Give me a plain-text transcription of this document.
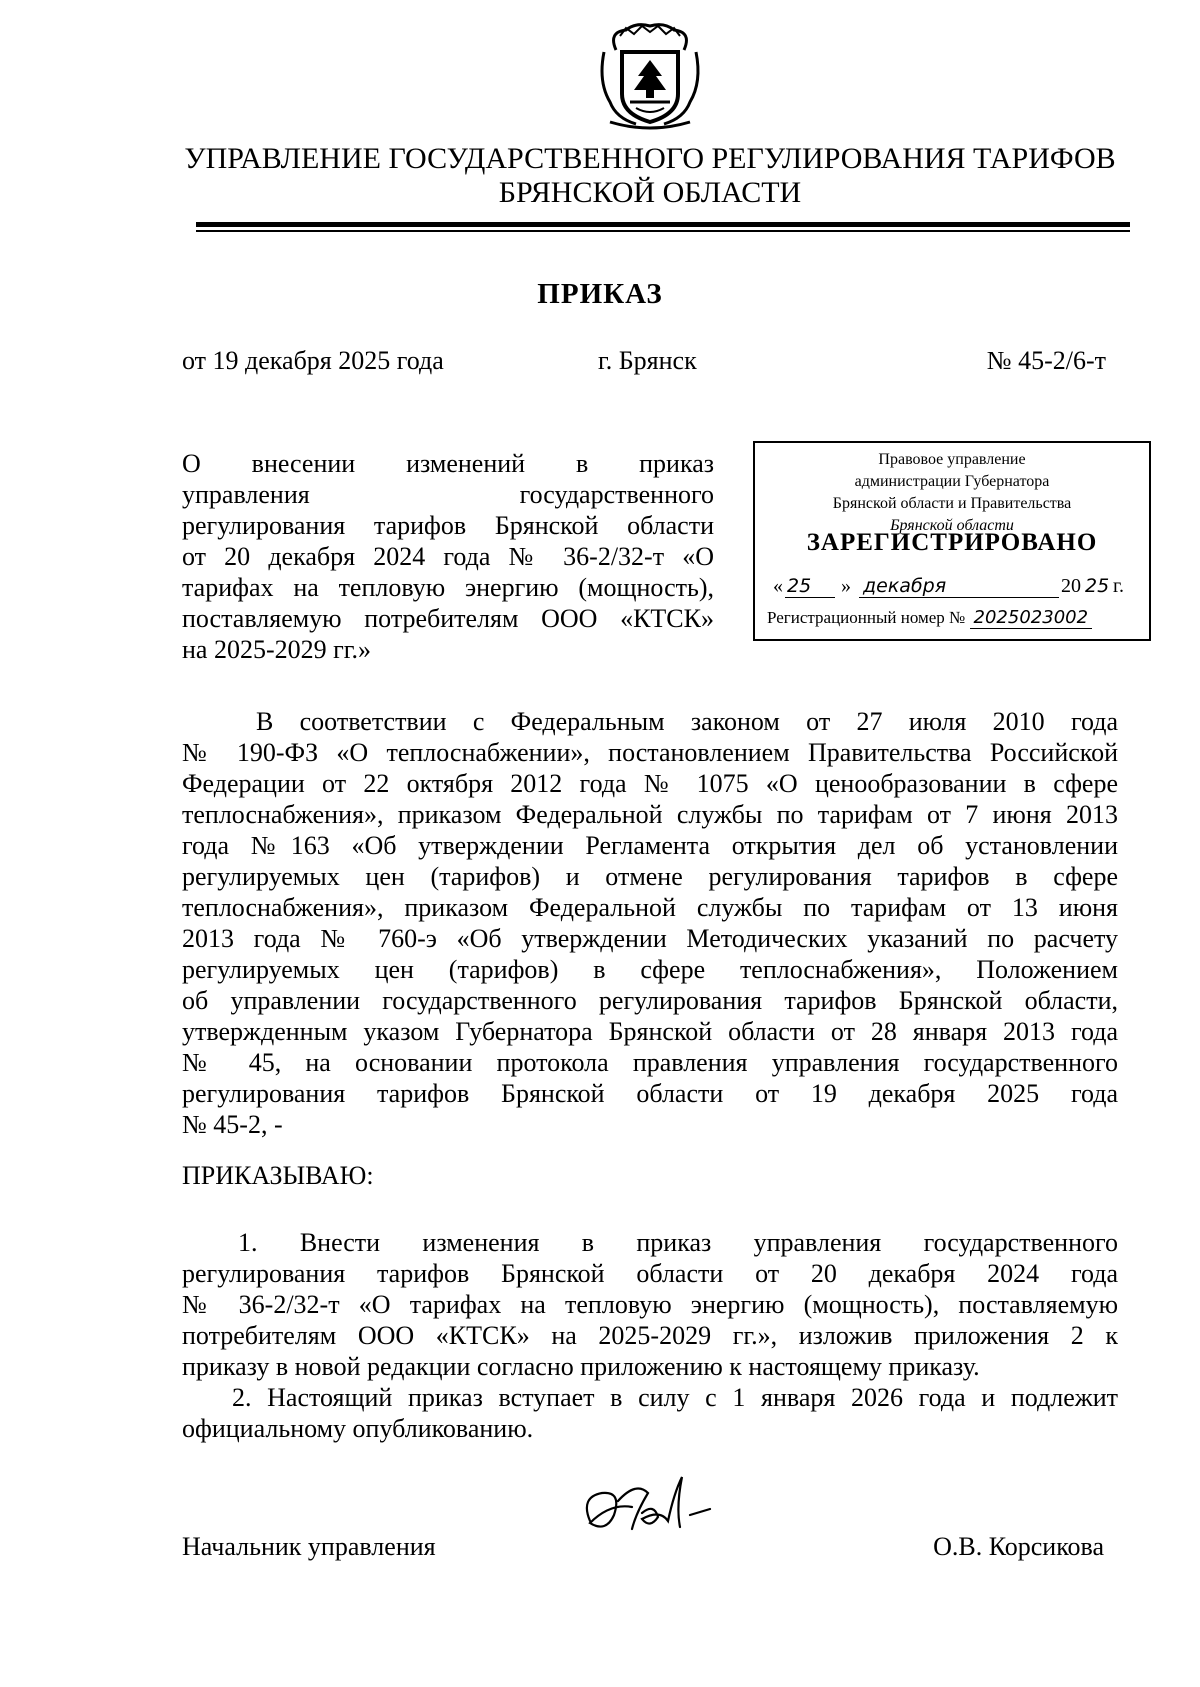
УПРАВЛЕНИЕ ГОСУДАРСТВЕННОГО РЕГУЛИРОВАНИЯ ТАРИФОВ
БРЯНСКОЙ ОБЛАСТИ
ПРИКАЗ
от 19 декабря 2025 года	г. Брянск	№ 45-2/6-т
О внесении изменений в приказ
управления государственного
регулирования тарифов Брянской области
от 20 декабря 2024 года № 36-2/32-т «О
тарифах на тепловую энергию (мощность),
поставляемую потребителям ООО «КТСК»
на 2025-2029 гг.»
Правовое управление
администрации Губернатора
Брянской области и Правительства
Брянской области
ЗАРЕГИСТРИРОВАНО
« 25 » декабря	20 25 г.
Регистрационный номер № 2025023002
В соответствии с Федеральным законом от 27 июля 2010 года
№ 190-ФЗ «О теплоснабжении», постановлением Правительства Российской
Федерации от 22 октября 2012 года № 1075 «О ценообразовании в сфере
теплоснабжения», приказом Федеральной службы по тарифам от 7 июня 2013
года №163 «Об утверждении Регламента открытия дел об установлении
регулируемых цен (тарифов) и отмене регулирования тарифов в сфере
теплоснабжения», приказом Федеральной службы по тарифам от 13 июня
2013 года № 760-э «Об утверждении Методических указаний по расчету
регулируемых цен (тарифов) в сфере теплоснабжения», Положением
об управлении государственного регулирования тарифов Брянской области,
утвержденным указом Губернатора Брянской области от 28 января 2013 года
№ 45, на основании протокола правления управления государственного
регулирования тарифов Брянской области от 19 декабря 2025 года
№ 45-2, -
ПРИКАЗЫВАЮ:
1. Внести изменения в приказ управления государственного
регулирования тарифов Брянской области от 20 декабря 2024 года
№ 36-2/32-т «О тарифах на тепловую энергию (мощность), поставляемую
потребителям ООО «КТСК» на 2025-2029 гг.», изложив приложения 2 к
приказу в новой редакции согласно приложению к настоящему приказу.
2. Настоящий приказ вступает в силу с 1 января 2026 года и подлежит
официальному опубликованию.
Начальник управления	О.В. Корсикова
